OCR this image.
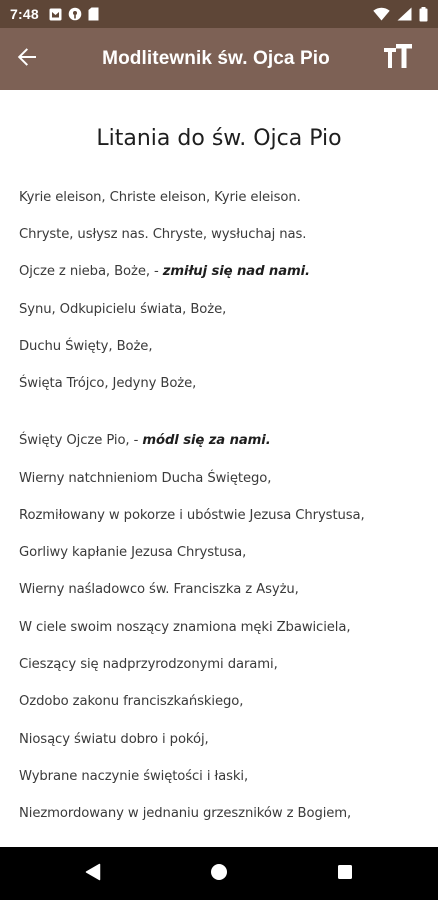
7:48
Modlitewnik św. Ojca Pio
Litania do św. Ojca Pio
Kyrie eleison, Christe eleison, Kyrie eleison.
Chryste, usłysz nas. Chryste, wysłuchaj nas.
Ojcze z nieba, Boże, - zmiłuj się nad nami.
Synu, Odkupicielu świata, Boże,
Duchu Święty, Boże,
Święta Trójco, Jedyny Boże,
Święty Ojcze Pio, - módl się za nami.
Wierny natchnieniom Ducha Świętego,
Rozmiłowany w pokorze i ubóstwie Jezusa Chrystusa,
Gorliwy kapłanie Jezusa Chrystusa,
Wierny naśladowco św. Franciszka z Asyżu,
W ciele swoim noszący znamiona męki Zbawiciela,
Cieszący się nadprzyrodzonymi darami,
Ozdobo zakonu franciszkańskiego,
Niosący światu dobro i pokój,
Wybrane naczynie świętości i łaski,
Niezmordowany w jednaniu grzeszników z Bogiem,
